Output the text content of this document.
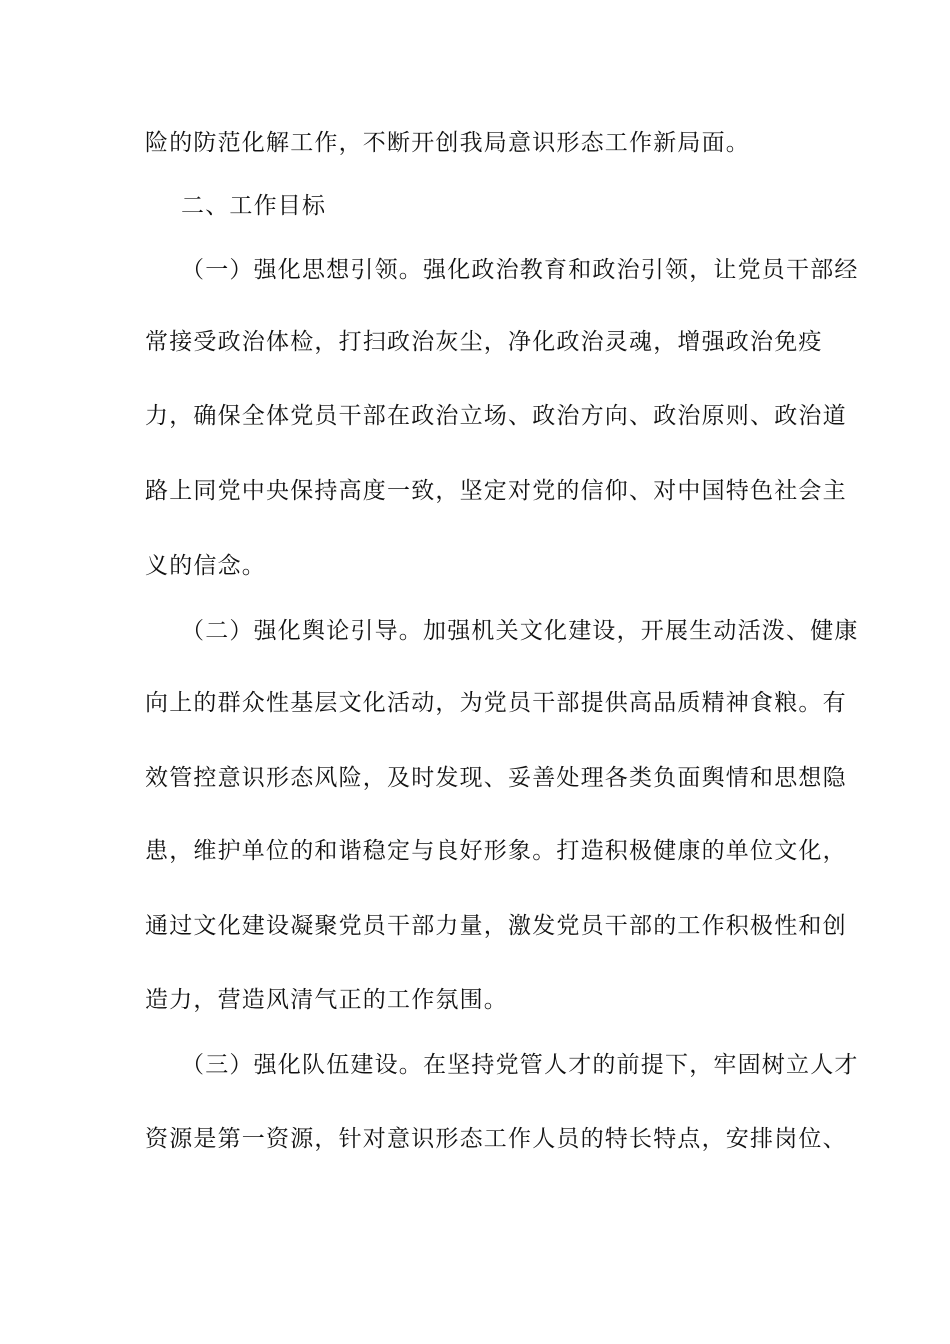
险的防范化解工作，不断开创我局意识形态工作新局面。
二、工作目标
（一）强化思想引领。强化政治教育和政治引领，让党员干部经
常接受政治体检，打扫政治灰尘，净化政治灵魂，增强政治免疫
力，确保全体党员干部在政治立场、政治方向、政治原则、政治道
路上同党中央保持高度一致，坚定对党的信仰、对中国特色社会主
义的信念。
（二）强化舆论引导。加强机关文化建设，开展生动活泼、健康
向上的群众性基层文化活动，为党员干部提供高品质精神食粮。有
效管控意识形态风险，及时发现、妥善处理各类负面舆情和思想隐
患，维护单位的和谐稳定与良好形象。打造积极健康的单位文化，
通过文化建设凝聚党员干部力量，激发党员干部的工作积极性和创
造力，营造风清气正的工作氛围。
（三）强化队伍建设。在坚持党管人才的前提下，牢固树立人才
资源是第一资源，针对意识形态工作人员的特长特点，安排岗位、
